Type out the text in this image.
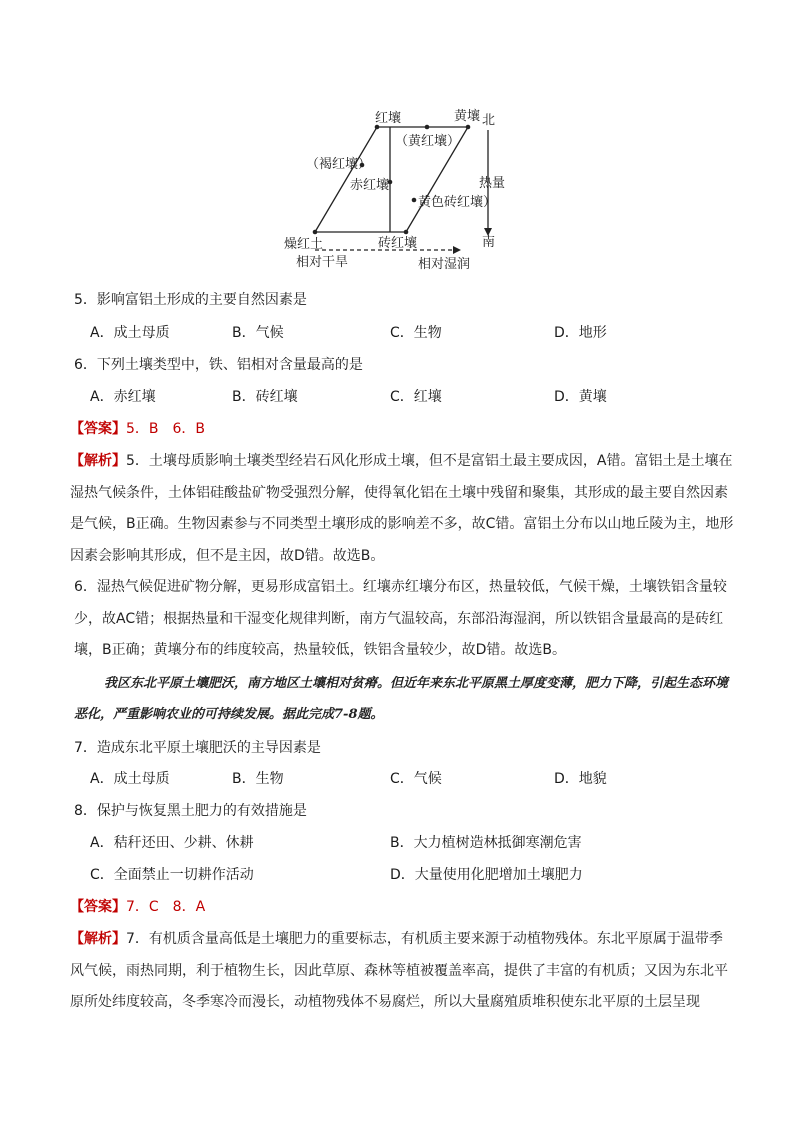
红壤	黄壤 北
（黄红壤）
（褐红壤）
赤红壤	热量
黄色砖红壤）
燥红土	砖红壤	南
相对干旱	相对湿润
5．影响富铝土形成的主要自然因素是
A．成土母质	B．气候	C．生物	D．地形
6．下列土壤类型中，铁、铝相对含量最高的是
A．赤红壤	B．砖红壤	C．红壤	D．黄壤
【答案】5．B　6．B
【解析】5．土壤母质影响土壤类型经岩石风化形成土壤，但不是富铝土最主要成因，A错。富铝土是土壤在湿热气候条件，土体铝硅酸盐矿物受强烈分解，使得氧化铝在土壤中残留和聚集，其形成的最主要自然因素是气候，B正确。生物因素参与不同类型土壤形成的影响差不多，故C错。富铝土分布以山地丘陵为主，地形因素会影响其形成，但不是主因，故D错。故选B。
6．湿热气候促进矿物分解，更易形成富铝土。红壤赤红壤分布区，热量较低，气候干燥，土壤铁铝含量较少，故AC错；根据热量和干湿变化规律判断，南方气温较高，东部沿海湿润，所以铁铝含量最高的是砖红壤，B正确；黄壤分布的纬度较高，热量较低，铁铝含量较少，故D错。故选B。
我区东北平原土壤肥沃，南方地区土壤相对贫瘠。但近年来东北平原黑土厚度变薄，肥力下降，引起生态环境恶化，严重影响农业的可持续发展。据此完成7-8题。
7．造成东北平原土壤肥沃的主导因素是
A．成土母质	B．生物	C．气候	D．地貌
8．保护与恢复黑土肥力的有效措施是
A．秸秆还田、少耕、休耕	B．大力植树造林抵御寒潮危害
C．全面禁止一切耕作活动	D．大量使用化肥增加土壤肥力
【答案】7．C　8．A
【解析】7．有机质含量高低是土壤肥力的重要标志，有机质主要来源于动植物残体。东北平原属于温带季风气候，雨热同期，利于植物生长，因此草原、森林等植被覆盖率高，提供了丰富的有机质；又因为东北平原所处纬度较高，冬季寒冷而漫长，动植物残体不易腐烂，所以大量腐殖质堆积使东北平原的土层呈现
